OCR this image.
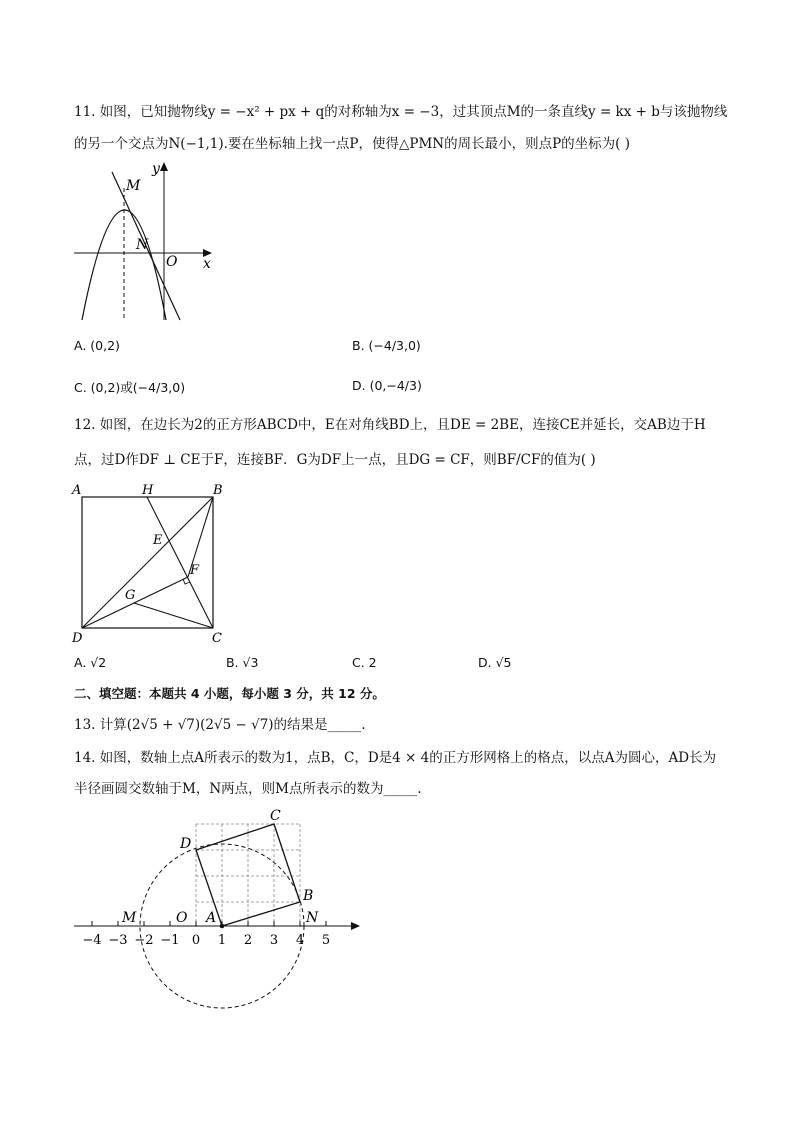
11. 如图，已知抛物线y = −x² + px + q的对称轴为x = −3，过其顶点M的一条直线y = kx + b与该抛物线
的另一个交点为N(−1,1).要在坐标轴上找一点P，使得△PMN的周长最小，则点P的坐标为( )
y
M
N
O x
A. (0,2)	B. (−4/3,0)
C. (0,2)或(−4/3,0)	D. (0,−4/3)
12. 如图，在边长为2的正方形ABCD中，E在对角线BD上，且DE = 2BE，连接CE并延长，交AB边于H
点，过D作DF ⊥ CE于F，连接BF．G为DF上一点，且DG = CF，则BF/CF的值为( )
A	H	B
E
F
G
D	C
A. √2	B. √3	C. 2	D. √5
二、填空题：本题共 4 小题，每小题 3 分，共 12 分。
13. 计算(2√5 + √7)(2√5 − √7)的结果是_____.
14. 如图，数轴上点A所表示的数为1，点B，C，D是4 × 4的正方形网格上的格点，以点A为圆心，AD长为
半径画圆交数轴于M，N两点，则M点所表示的数为_____.
C
D
B
M	O A	N
−4 −3 −2 −1 0 1 2 3 4 5
